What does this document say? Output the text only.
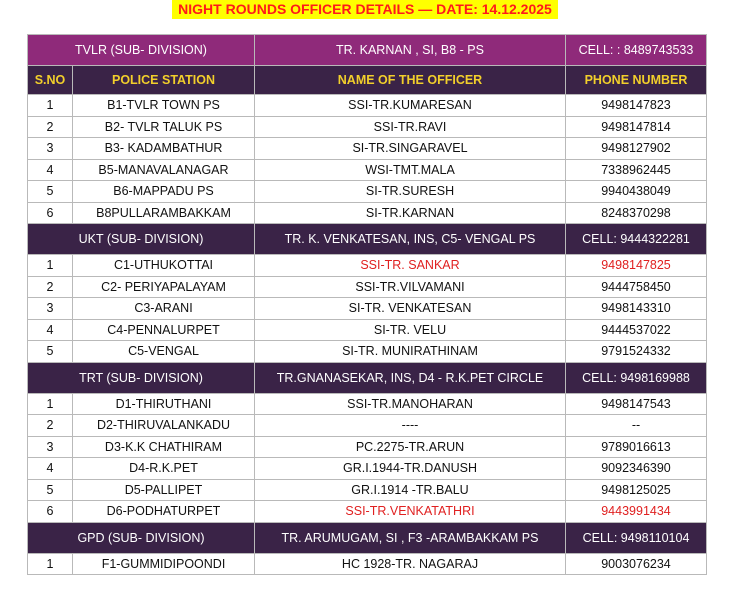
NIGHT ROUNDS OFFICER DETAILS — DATE: 14.12.2025
TVLR (SUB- DIVISION)		TR. KARNAN , SI, B8 - PS	CELL: : 8489743533
S.NO	POLICE STATION	NAME OF THE OFFICER	PHONE NUMBER
1	B1-TVLR TOWN PS	SSI-TR.KUMARESAN	9498147823
2	B2- TVLR TALUK PS	SSI-TR.RAVI	9498147814
3	B3- KADAMBATHUR	SI-TR.SINGARAVEL	9498127902
4	B5-MANAVALANAGAR	WSI-TMT.MALA	7338962445
5	B6-MAPPADU PS	SI-TR.SURESH	9940438049
6	B8PULLARAMBAKKAM	SI-TR.KARNAN	8248370298
UKT (SUB- DIVISION)		TR. K. VENKATESAN, INS, C5- VENGAL PS	CELL: 9444322281
1	C1-UTHUKOTTAI	SSI-TR. SANKAR	9498147825
2	C2- PERIYAPALAYAM	SSI-TR.VILVAMANI	9444758450
3	C3-ARANI	SI-TR. VENKATESAN	9498143310
4	C4-PENNALURPET	SI-TR. VELU	9444537022
5	C5-VENGAL	SI-TR. MUNIRATHINAM	9791524332
TRT (SUB- DIVISION)		TR.GNANASEKAR, INS, D4 - R.K.PET CIRCLE	CELL: 9498169988
1	D1-THIRUTHANI	SSI-TR.MANOHARAN	9498147543
2	D2-THIRUVALANKADU	----	--
3	D3-K.K CHATHIRAM	PC.2275-TR.ARUN	9789016613
4	D4-R.K.PET	GR.I.1944-TR.DANUSH	9092346390
5	D5-PALLIPET	GR.I.1914 -TR.BALU	9498125025
6	D6-PODHATURPET	SSI-TR.VENKATATHRI	9443991434
GPD (SUB- DIVISION)		TR. ARUMUGAM, SI , F3 -ARAMBAKKAM PS	CELL: 9498110104
1	F1-GUMMIDIPOONDI	HC 1928-TR. NAGARAJ	9003076234
